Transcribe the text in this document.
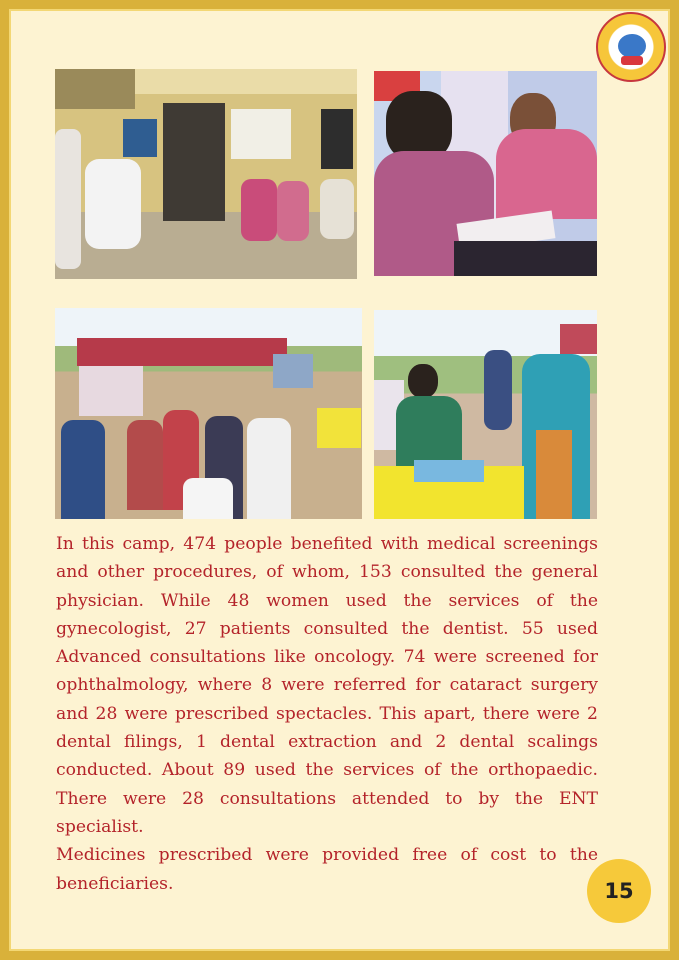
In this camp, 474 people benefited with medical screenings and other procedures, of whom, 153 consulted the general physician. While 48 women used the services of the gynecologist, 27 patients consulted the dentist. 55 used Advanced consultations like oncology. 74 were screened for ophthalmology, where 8 were referred for cataract surgery and 28 were prescribed spectacles. This apart, there were 2 dental filings, 1 dental extraction and 2 dental scalings conducted. About 89 used the services of the orthopaedic. There were 28 consultations attended to by the ENT specialist.

Medicines prescribed were provided free of cost to the beneficiaries.	15
